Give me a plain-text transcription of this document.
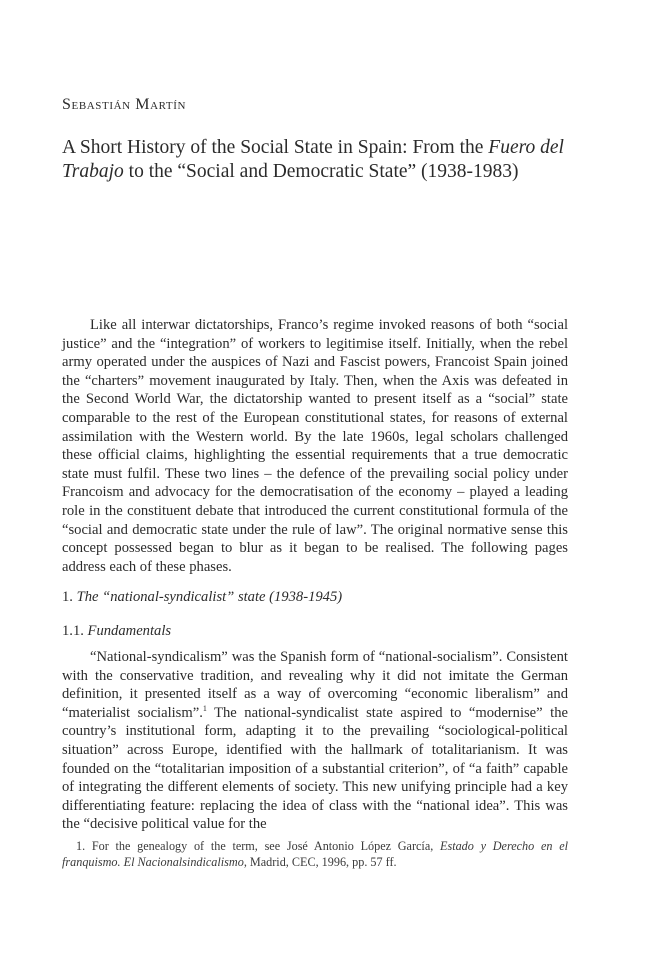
Sebastián Martín
A Short History of the Social State in Spain: From the Fuero del Trabajo to the “Social and Democratic State” (1938-1983)

Like all interwar dictatorships, Franco’s regime invoked reasons of both “social justice” and the “integration” of workers to legitimise itself. Initially, when the rebel army operated under the auspices of Nazi and Fascist powers, Francoist Spain joined the “charters” movement inaugurated by Italy. Then, when the Axis was defeated in the Second World War, the dictatorship wanted to present itself as a “social” state comparable to the rest of the European constitutional states, for reasons of external assimilation with the Western world. By the late 1960s, legal scholars challenged these official claims, highlighting the essential requirements that a true democratic state must fulfil. These two lines – the defence of the prevailing social policy under Francoism and advocacy for the democratisation of the economy – played a leading role in the constituent debate that introduced the current constitutional formula of the “social and democratic state under the rule of law”. The original normative sense this concept possessed began to blur as it began to be realised. The following pages address each of these phases.

1. The “national-syndicalist” state (1938-1945)
1.1. Fundamentals

“National-syndicalism” was the Spanish form of “national-socialism”. Consistent with the conservative tradition, and revealing why it did not imitate the German definition, it presented itself as a way of overcoming “economic liberalism” and “materialist socialism”.$^1$ The national-syndicalist state aspired to “modernise” the country’s institutional form, adapting it to the prevailing “sociological-political situation” across Europe, identified with the hallmark of totalitarianism. It was founded on the “totalitarian imposition of a substantial criterion”, of “a faith” capable of integrating the different elements of society. This new unifying principle had a key differentiating feature: replacing the idea of class with the “national idea”. This was the “decisive political value for the

1. For the genealogy of the term, see José Antonio López García, Estado y Derecho en el franquismo. El Nacionalsindicalismo, Madrid, CEC, 1996, pp. 57 ff.
